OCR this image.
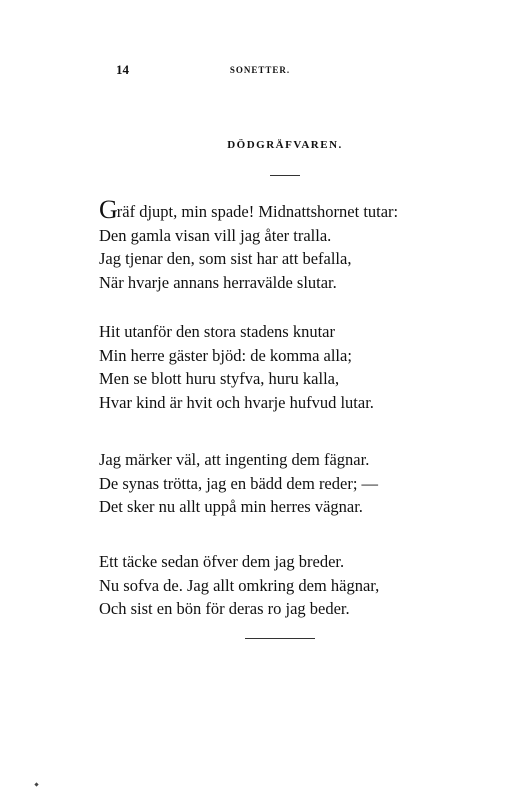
14	SONETTER.
DÖDGRÄFVAREN.
Gräf djupt, min spade! Midnattshornet tutar:
Den gamla visan vill jag åter tralla.
Jag tjenar den, som sist har att befalla,
När hvarje annans herravälde slutar.
Hit utanför den stora stadens knutar
Min herre gäster bjöd: de komma alla;
Men se blott huru styfva, huru kalla,
Hvar kind är hvit och hvarje hufvud lutar.
Jag märker väl, att ingenting dem fägnar.
De synas trötta, jag en bädd dem reder; —
Det sker nu allt uppå min herres vägnar.
Ett täcke sedan öfver dem jag breder.
Nu sofva de. Jag allt omkring dem hägnar,
Och sist en bön för deras ro jag beder.
